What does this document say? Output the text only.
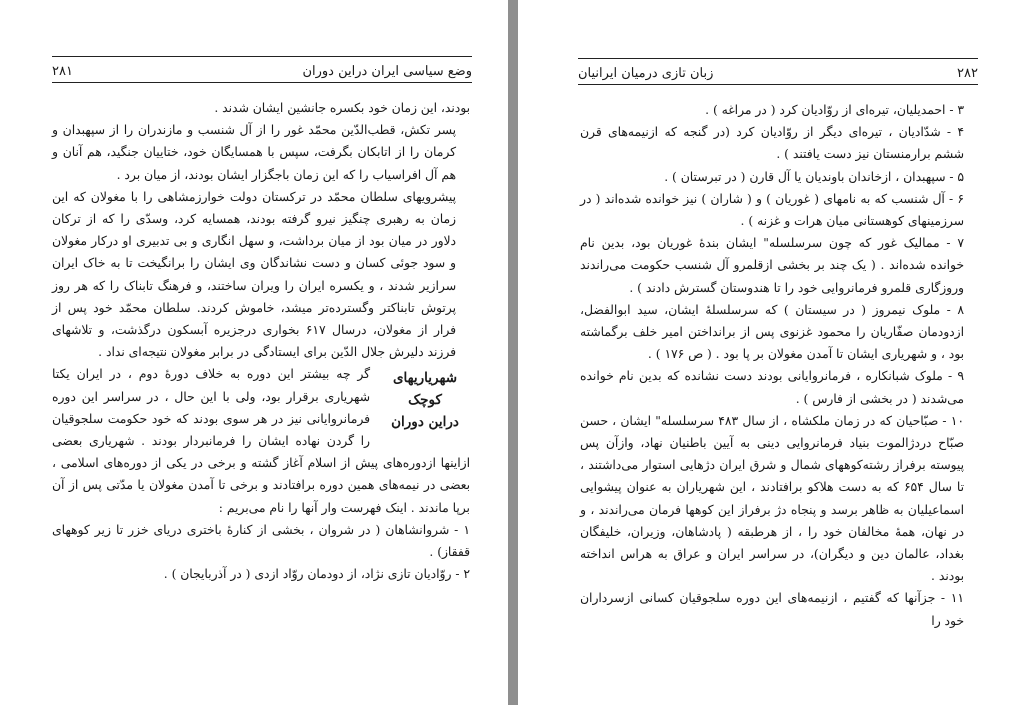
وضع سیاسی ایران دراین دوران
۲۸۱

بودند، این زمان خود بکسره جانشین ایشان شدند .

پسر تکش، قطب‌الدّین محمّد غور را از آل شنسب و مازندران را از سپهبدان و کرمان را از اتابکان بگرفت، سپس با همسایگان خود، ختاییان جنگید، هم آنان و هم آل افراسیاب را که این زمان باجگزار ایشان بودند، از میان برد .

پیشرویهای سلطان محمّد در ترکستان دولت خوارزمشاهی را با مغولان که این زمان به رهبری چنگیز نیرو گرفته بودند، همسایه کرد، وسدّی را که از ترکان دلاور در میان بود از میان برداشت، و سهل انگاری و بی تدبیری او درکار مغولان و سود جوئی کسان و دست نشاندگان وی ایشان را برانگیخت تا به خاک ایران سرازیر شدند ، و یکسره ایران را ویران ساختند، و فرهنگ تابناک را که هر روز پرتوش تابناکتر وگسترده‌تر میشد، خاموش کردند. سلطان محمّد خود پس از فرار از مغولان، درسال ۶۱۷ بخواری درجزیره آبسکون درگذشت، و تلاشهای فرزند دلیرش جلال الدّین برای ایستادگی در برابر مغولان نتیجه‌ای نداد .

شهریاریهای کوچک
دراین دوران

گر چه بیشتر این دوره به خلاف دورهٔ دوم ، در ایران یکتا شهریاری برقرار بود، ولی با این حال ، در سراسر این دوره فرمانروایانی نیز در هر سوی بودند که خود حکومت سلجوقیان را گردن نهاده ایشان را فرمانبردار بودند . شهریاری بعضی ازاینها ازدوره‌های پیش از اسلام آغاز گشته و برخی در یکی از دوره‌های اسلامی ، بعضی در نیمه‌های همین دوره برافتادند و برخی تا آمدن مغولان یا مدّتی پس از آن برپا ماندند . اینک فهرست وار آنها را نام می‌بریم :

۱ - شروانشاهان ( در شروان ، بخشی از کنارهٔ باختری دریای خزر تا زیر کوههای قفقاز) .

۲ - روّادیان تازی نژاد، از دودمان روّاد ازدی ( در آذربایجان ) .

۲۸۲
زبان تازی درمیان ایرانیان

۳ - احمدیلیان، تیره‌ای از روّادیان کرد ( در مراغه ) .

۴ - شدّادیان ، تیره‌ای دیگر از روّادیان کرد (در گنجه که ازنیمه‌های قرن ششم برارمنستان نیز دست یافتند ) .

۵ - سپهبدان ، ازخاندان باوندیان یا آل قارن ( در تبرستان ) .

۶ - آل شنسب که به نامهای ( غوریان ) و ( شاران ) نیز خوانده شده‌اند ( در سرزمینهای کوهستانی میان هرات و غزنه ) .

۷ - ممالیک غور که چون سرسلسله" ایشان بندهٔ غوریان بود، بدین نام خوانده شده‌اند . ( یک چند بر بخشی ازقلمرو آل شنسب حکومت می‌راندند وروزگاری قلمرو فرمانروایی خود را تا هندوستان گسترش دادند ) .

۸ - ملوک نیمروز ( در سیستان ) که سرسلسلهٔ ایشان، سید ابوالفضل، ازدودمان صفّاریان را محمود غزنوی پس از برانداختن امیر خلف برگماشته بود ، و شهریاری ایشان تا آمدن مغولان بر پا بود . ( ص ۱۷۶ ) .

۹ - ملوک شبانکاره ، فرمانروایانی بودند دست نشانده که بدین نام خوانده می‌شدند ( در بخشی از فارس ) .

۱۰ - صبّاحیان که در زمان ملکشاه ، از سال ۴۸۳ سرسلسله" ایشان ، حسن صبّاح درد‌ژالموت بنیاد فرمانروایی دینی به آیین باطنیان نهاد، وازآن پس پیوسته برفراز رشته‌کوههای شمال و شرق ایران دژهایی استوار می‌داشتند ، تا سال ۶۵۴ که به دست هلاکو برافتادند ، این شهریاران به عنوان پیشوایی اسماعیلیان به ظاهر برسد و پنجاه دژ برفراز این کوهها فرمان می‌راندند ، و در نهان، همهٔ مخالفان خود را ، از هرطبقه ( پادشاهان، وزیران، خلیفگان بغداد، عالمان دین و دیگران)، در سراسر ایران و عراق به هراس انداخته بودند .

۱۱ - جزآنها که گفتیم ، ازنیمه‌های این دوره سلجوقیان کسانی ازسرداران خود را
